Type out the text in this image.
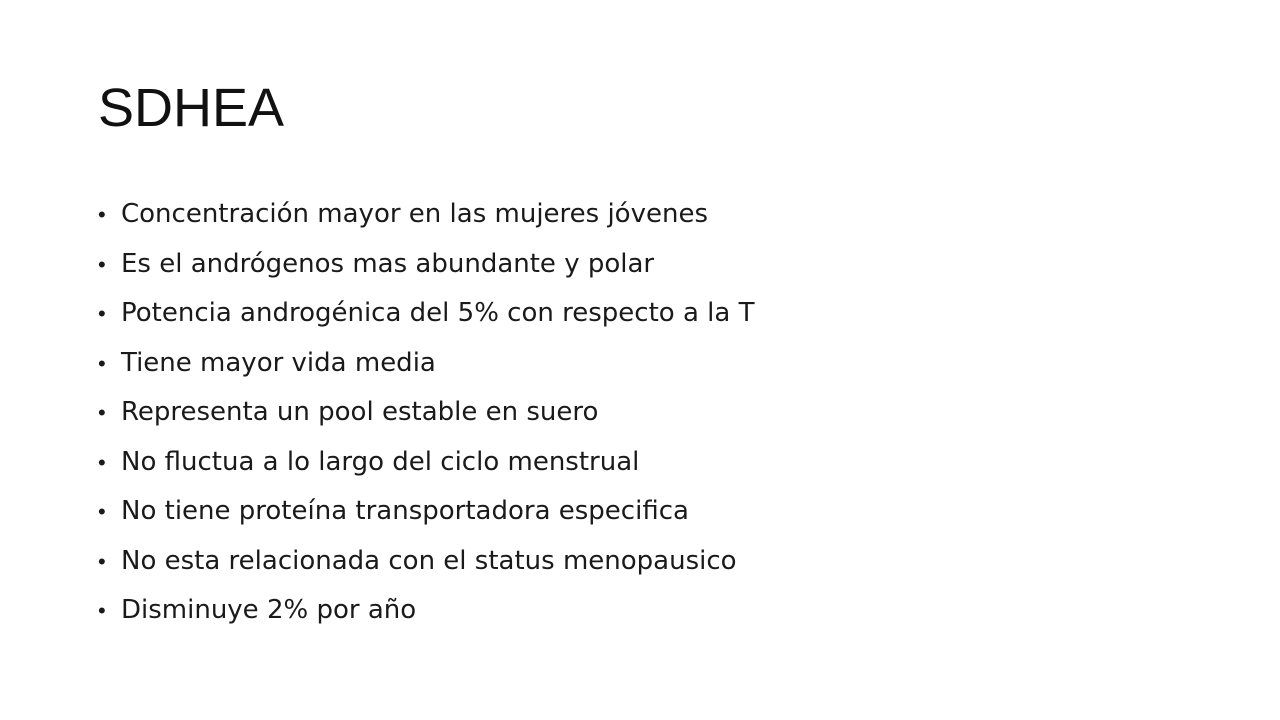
SDHEA
• Concentración mayor en las mujeres jóvenes
• Es el andrógenos mas abundante y polar
• Potencia androgénica del 5% con respecto a la T
• Tiene mayor vida media
• Representa un pool estable en suero
• No fluctua a lo largo del ciclo menstrual
• No tiene proteína transportadora especifica
• No esta relacionada con el status menopausico
• Disminuye 2% por año
